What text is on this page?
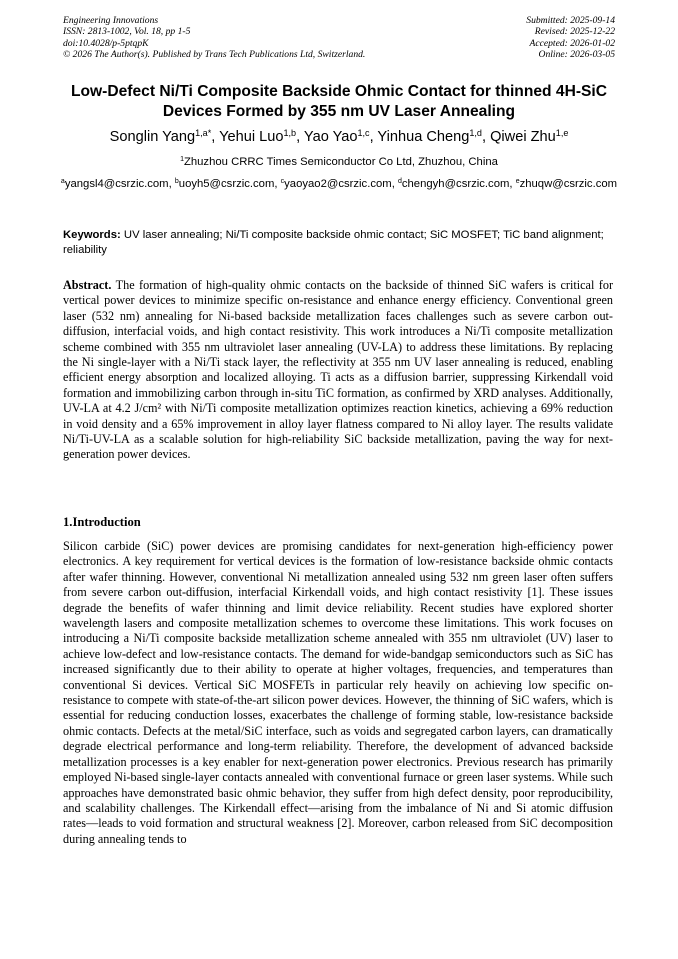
Engineering Innovations
ISSN: 2813-1002, Vol. 18, pp 1-5
doi:10.4028/p-5ptqpK
© 2026 The Author(s). Published by Trans Tech Publications Ltd, Switzerland.
Submitted: 2025-09-14
Revised: 2025-12-22
Accepted: 2026-01-02
Online: 2026-03-05
Low-Defect Ni/Ti Composite Backside Ohmic Contact for thinned 4H-SiC Devices Formed by 355 nm UV Laser Annealing
Songlin Yang$^{1,a*}$, Yehui Luo$^{1,b}$, Yao Yao$^{1,c}$, Yinhua Cheng$^{1,d}$, Qiwei Zhu$^{1,e}$
$^1$Zhuzhou CRRC Times Semiconductor Co Ltd, Zhuzhou, China
$^a$yangsl4@csrzic.com , $^b$uoyh5@csrzic.com , $^c$yaoyao2@csrzic.com , $^d$chengyh@csrzic.com , $^e$zhuqw@csrzic.com
Keywords: UV laser annealing; Ni/Ti composite backside ohmic contact; SiC MOSFET; TiC band alignment; reliability
Abstract. The formation of high-quality ohmic contacts on the backside of thinned SiC wafers is critical for vertical power devices to minimize specific on-resistance and enhance energy efficiency. Conventional green laser (532 nm) annealing for Ni-based backside metallization faces challenges such as severe carbon out-diffusion, interfacial voids, and high contact resistivity. This work introduces a Ni/Ti composite metallization scheme combined with 355 nm ultraviolet laser annealing (UV-LA) to address these limitations. By replacing the Ni single-layer with a Ni/Ti stack layer, the reflectivity at 355 nm UV laser annealing is reduced, enabling efficient energy absorption and localized alloying. Ti acts as a diffusion barrier, suppressing Kirkendall void formation and immobilizing carbon through in-situ TiC formation, as confirmed by XRD analyses. Additionally, UV-LA at 4.2 J/cm² with Ni/Ti composite metallization optimizes reaction kinetics, achieving a 69% reduction in void density and a 65% improvement in alloy layer flatness compared to Ni alloy layer. The results validate Ni/Ti-UV-LA as a scalable solution for high-reliability SiC backside metallization, paving the way for next-generation power devices.
1.Introduction
Silicon carbide (SiC) power devices are promising candidates for next-generation high-efficiency power electronics. A key requirement for vertical devices is the formation of low-resistance backside ohmic contacts after wafer thinning. However, conventional Ni metallization annealed using 532 nm green laser often suffers from severe carbon out-diffusion, interfacial Kirkendall voids, and high contact resistivity [1]. These issues degrade the benefits of wafer thinning and limit device reliability. Recent studies have explored shorter wavelength lasers and composite metallization schemes to overcome these limitations. This work focuses on introducing a Ni/Ti composite backside metallization scheme annealed with 355 nm ultraviolet (UV) laser to achieve low-defect and low-resistance contacts. The demand for wide-bandgap semiconductors such as SiC has increased significantly due to their ability to operate at higher voltages, frequencies, and temperatures than conventional Si devices. Vertical SiC MOSFETs in particular rely heavily on achieving low specific on-resistance to compete with state-of-the-art silicon power devices. However, the thinning of SiC wafers, which is essential for reducing conduction losses, exacerbates the challenge of forming stable, low-resistance backside ohmic contacts. Defects at the metal/SiC interface, such as voids and segregated carbon layers, can dramatically degrade electrical performance and long-term reliability. Therefore, the development of advanced backside metallization processes is a key enabler for next-generation power electronics. Previous research has primarily employed Ni-based single-layer contacts annealed with conventional furnace or green laser systems. While such approaches have demonstrated basic ohmic behavior, they suffer from high defect density, poor reproducibility, and scalability challenges. The Kirkendall effect—arising from the imbalance of Ni and Si atomic diffusion rates—leads to void formation and structural weakness [2]. Moreover, carbon released from SiC decomposition during annealing tends to
